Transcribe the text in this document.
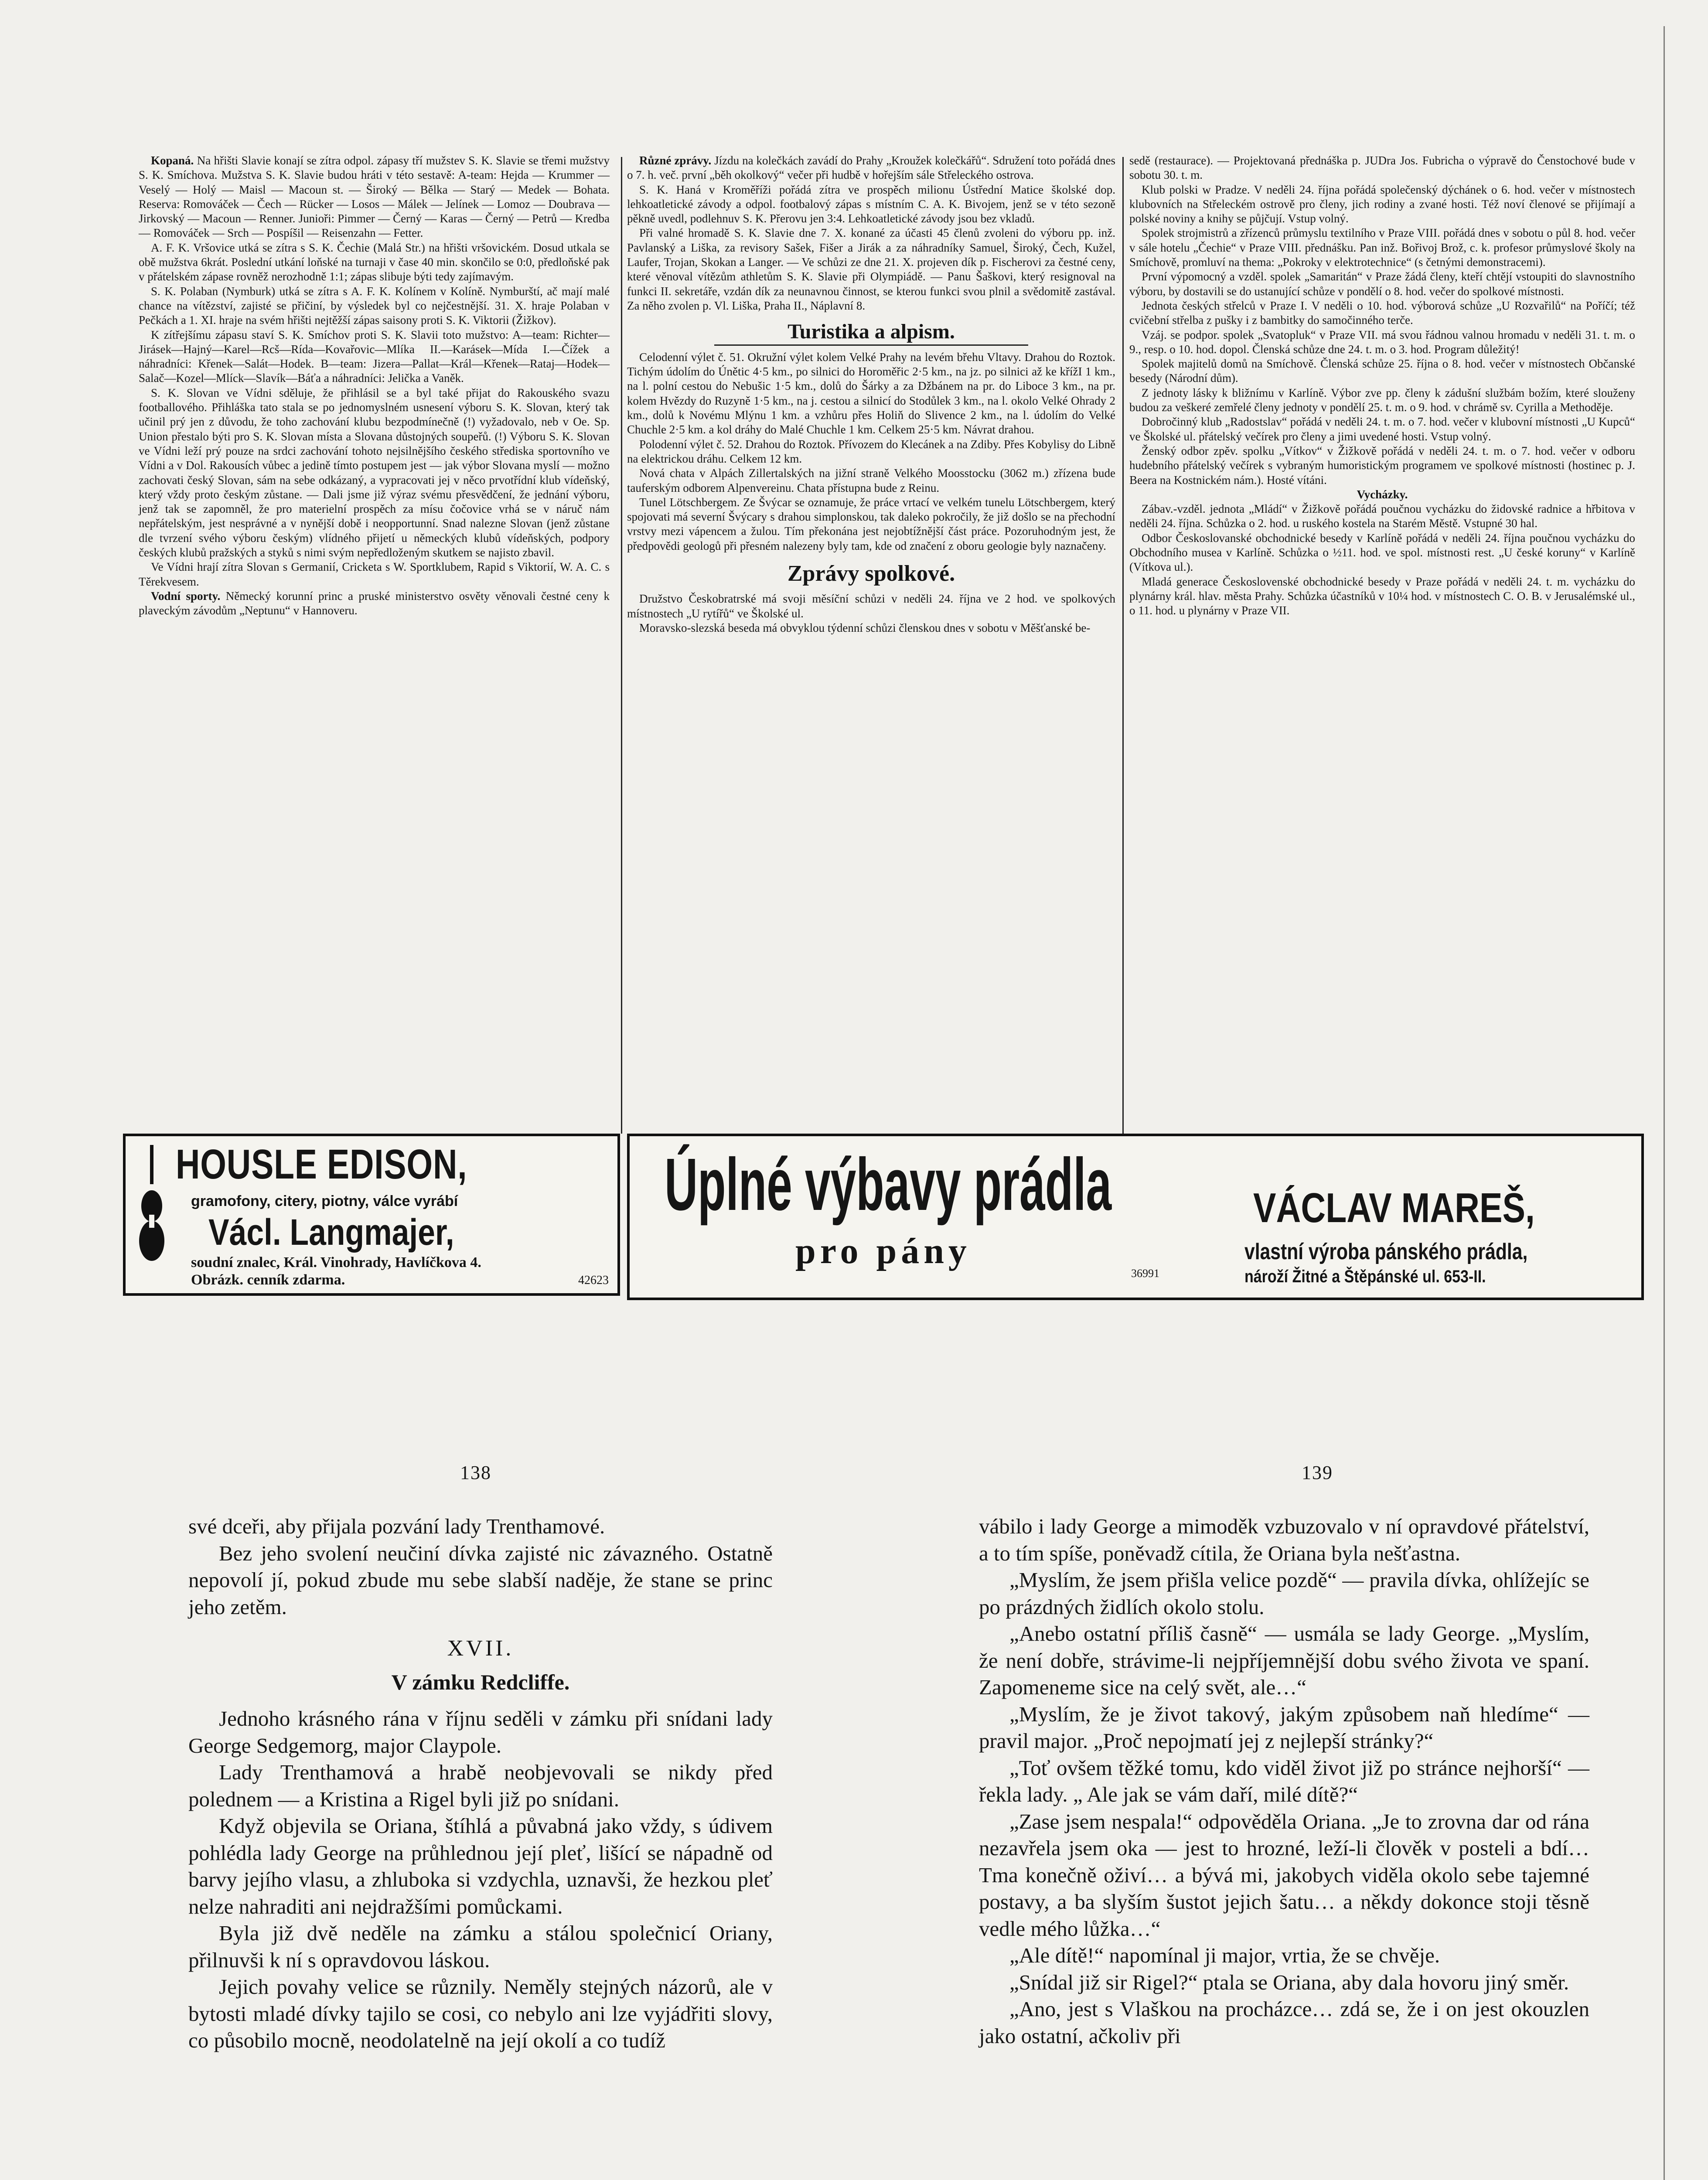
Kopaná. Na hřišti Slavie konají se zítra odpol. zápasy tří mužstev S. K. Slavie se třemi mužstvy S. K. Smíchova. Mužstva S. K. Slavie budou hráti v této sestavě: A-team: Hejda — Krummer — Veselý — Holý — Maisl — Macoun st. — Široký — Bělka — Starý — Medek — Bohata. Reserva: Romováček — Čech — Rücker — Losos — Málek — Jelínek — Lomoz — Doubrava — Jirkovský — Macoun — Renner. Junioři: Pimmer — Černý — Karas — Černý — Petrů — Kredba — Romováček — Srch — Pospíšil — Reisenzahn — Fetter.

A. F. K. Vršovice utká se zítra s S. K. Čechie (Malá Str.) na hřišti vršovickém. Dosud utkala se obě mužstva 6krát. Poslední utkání loňské na turnaji v čase 40 min. skončilo se 0:0, předloňské pak v přátelském zápase rovněž nerozhodně 1:1; zápas slibuje býti tedy zajímavým.

S. K. Polaban (Nymburk) utká se zítra s A. F. K. Kolínem v Kolíně. Nymburští, ač mají malé chance na vítězství, zajisté se přičiní, by výsledek byl co nejčestnější. 31. X. hraje Polaban v Pečkách a 1. XI. hraje na svém hřišti nejtěžší zápas saisony proti S. K. Viktorii (Žižkov).

K zítřejšímu zápasu staví S. K. Smíchov proti S. K. Slavii toto mužstvo: A—team: Richter—Jirásek—Hajný—Karel—Rcš—Rída—Kovařovic—Mlíka II.—Karásek—Mída I.—Čížek a náhradníci: Křenek—Salát—Hodek. B—team: Jizera—Pallat—Král—Křenek—Rataj—Hodek—Salač—Kozel—Mlíck—Slavík—Báťa a náhradníci: Jelička a Vaněk.

S. K. Slovan ve Vídni sděluje, že přihlásil se a byl také přijat do Rakouského svazu footballového. Přihláška tato stala se po jednomyslném usnesení výboru S. K. Slovan, který tak učinil prý jen z důvodu, že toho zachování klubu bezpodmínečně (!) vyžadovalo, neb v Oe. Sp. Union přestalo býti pro S. K. Slovan místa a Slovana důstojných soupeřů. (!) Výboru S. K. Slovan ve Vídni leží prý pouze na srdci zachování tohoto nejsilnějšího českého střediska sportovního ve Vídni a v Dol. Rakousích vůbec a jedině tímto postupem jest — jak výbor Slovana myslí — možno zachovati český Slovan, sám na sebe odkázaný, a vypracovati jej v něco prvotřídní klub vídeňský, který vždy proto českým zůstane. — Dali jsme již výraz svému přesvědčení, že jednání výboru, jenž tak se zapomněl, že pro materielní prospěch za mísu čočovice vrhá se v náruč nám nepřátelským, jest nesprávné a v nynější době i neopportunní. Snad nalezne Slovan (jenž zůstane dle tvrzení svého výboru českým) vlídného přijetí u německých klubů vídeňských, podpory českých klubů pražských a styků s nimi svým nepředloženým skutkem se najisto zbavil.

Ve Vídni hrají zítra Slovan s Germanií, Cricketa s W. Sportklubem, Rapid s Viktorií, W. A. C. s Těrekvesem.

Vodní sporty. Německý korunní princ a pruské ministerstvo osvěty věnovali čestné ceny k plaveckým závodům „Neptunu“ v Hannoveru.

Různé zprávy. Jízdu na kolečkách zavádí do Prahy „Kroužek kolečkářů“. Sdružení toto pořádá dnes o 7. h. več. první „běh okolkový“ večer při hudbě v hořejším sále Střeleckého ostrova.

S. K. Haná v Kroměříži pořádá zítra ve prospěch milionu Ústřední Matice školské dop. lehkoatletické závody a odpol. footbalový zápas s místním C. A. K. Bivojem, jenž se v této sezoně pěkně uvedl, podlehnuv S. K. Přerovu jen 3:4. Lehkoatletické závody jsou bez vkladů.

Při valné hromadě S. K. Slavie dne 7. X. konané za účasti 45 členů zvoleni do výboru pp. inž. Pavlanský a Liška, za revisory Sašek, Fišer a Jirák a za náhradníky Samuel, Široký, Čech, Kužel, Laufer, Trojan, Skokan a Langer. — Ve schůzi ze dne 21. X. projeven dík p. Fischerovi za čestné ceny, které věnoval vítězům athletům S. K. Slavie při Olympiádě. — Panu Šaškovi, který resignoval na funkci II. sekretáře, vzdán dík za neunavnou činnost, se kterou funkci svou plnil a svědomitě zastával. Za něho zvolen p. Vl. Liška, Praha II., Náplavní 8.

Turistika a alpism.

Celodenní výlet č. 51. Okružní výlet kolem Velké Prahy na levém břehu Vltavy. Drahou do Roztok. Tichým údolím do Únětic 4·5 km., po silnici do Horoměřic 2·5 km., na jz. po silnici až ke křížI 1 km., na l. polní cestou do Nebušic 1·5 km., dolů do Šárky a za Džbánem na pr. do Liboce 3 km., na pr. kolem Hvězdy do Ruzyně 1·5 km., na j. cestou a silnicí do Stodůlek 3 km., na l. okolo Velké Ohrady 2 km., dolů k Novému Mlýnu 1 km. a vzhůru přes Holiň do Slivence 2 km., na l. údolím do Velké Chuchle 2·5 km. a kol dráhy do Malé Chuchle 1 km. Celkem 25·5 km. Návrat drahou.

Polodenní výlet č. 52. Drahou do Roztok. Přívozem do Klecánek a na Zdiby. Přes Kobylisy do Libně na elektrickou dráhu. Celkem 12 km.

Nová chata v Alpách Zillertalských na jižní straně Velkého Moosstocku (3062 m.) zřízena bude tauferským odborem Alpenvereinu. Chata přístupna bude z Reinu.

Tunel Lötschbergem. Ze Švýcar se oznamuje, že práce vrtací ve velkém tunelu Lötschbergem, který spojovati má severní Švýcary s drahou simplonskou, tak daleko pokročily, že již došlo se na přechodní vrstvy mezi vápencem a žulou. Tím překonána jest nejobtížnější část práce. Pozoruhodným jest, že předpovědi geologů při přesném nalezeny byly tam, kde od značení z oboru geologie byly naznačeny.

Zprávy spolkové.

Družstvo Českobratrské má svoji měsíční schůzi v neděli 24. října ve 2 hod. ve spolkových místnostech „U rytířů“ ve Školské ul.

Moravsko-slezská beseda má obvyklou týdenní schůzi členskou dnes v sobotu v Měšťanské be-

sedě (restaurace). — Projektovaná přednáška p. JUDra Jos. Fubricha o výpravě do Čenstochové bude v sobotu 30. t. m.

Klub polski w Pradze. V neděli 24. října pořádá společenský dýchánek o 6. hod. večer v místnostech klubovních na Střeleckém ostrově pro členy, jich rodiny a zvané hosti. Též noví členové se přijímají a polské noviny a knihy se půjčují. Vstup volný.

Spolek strojmistrů a zřízenců průmyslu textilního v Praze VIII. pořádá dnes v sobotu o půl 8. hod. večer v sále hotelu „Čechie“ v Praze VIII. přednášku. Pan inž. Bořivoj Brož, c. k. profesor průmyslové školy na Smíchově, promluví na thema: „Pokroky v elektrotechnice“ (s četnými demonstracemi).

První výpomocný a vzděl. spolek „Samaritán“ v Praze žádá členy, kteří chtějí vstoupiti do slavnostního výboru, by dostavili se do ustanující schůze v pondělí o 8. hod. večer do spolkové místnosti.

Jednota českých střelců v Praze I. V neděli o 10. hod. výborová schůze „U Rozvařilů“ na Poříčí; též cvičební střelba z pušky i z bambitky do samočinného terče.

Vzáj. se podpor. spolek „Svatopluk“ v Praze VII. má svou řádnou valnou hromadu v neděli 31. t. m. o 9., resp. o 10. hod. dopol. Členská schůze dne 24. t. m. o 3. hod. Program důležitý!

Spolek majitelů domů na Smíchově. Členská schůze 25. října o 8. hod. večer v místnostech Občanské besedy (Národní dům).

Z jednoty lásky k bližnímu v Karlíně. Výbor zve pp. členy k zádušní službám božím, které slouženy budou za veškeré zemřelé členy jednoty v pondělí 25. t. m. o 9. hod. v chrámě sv. Cyrilla a Methoděje.

Dobročinný klub „Radostslav“ pořádá v neděli 24. t. m. o 7. hod. večer v klubovní místnosti „U Kupců“ ve Školské ul. přátelský večírek pro členy a jimi uvedené hosti. Vstup volný.

Ženský odbor zpěv. spolku „Vítkov“ v Žižkově pořádá v neděli 24. t. m. o 7. hod. večer v odboru hudebního přátelský večírek s vybraným humoristickým programem ve spolkové místnosti (hostinec p. J. Beera na Kostnickém nám.). Hosté vítáni.

Vycházky.

Zábav.-vzděl. jednota „Mládí“ v Žižkově pořádá poučnou vycházku do židovské radnice a hřbitova v neděli 24. října. Schůzka o 2. hod. u ruského kostela na Starém Městě. Vstupné 30 hal.

Odbor Českoslovanské obchodnické besedy v Karlíně pořádá v neděli 24. října poučnou vycházku do Obchodního musea v Karlíně. Schůzka o ½11. hod. ve spol. místnosti rest. „U české koruny“ v Karlíně (Vítkova ul.).

Mladá generace Československé obchodnické besedy v Praze pořádá v neděli 24. t. m. vycházku do plynárny král. hlav. města Prahy. Schůzka účastníků v 10¼ hod. v místnostech C. O. B. v Jerusalémské ul., o 11. hod. u plynárny v Praze VII.

HOUSLE EDISON,
gramofony, citery, piotny, válce vyrábí
Václ. Langmajer,
soudní znalec, Král. Vinohrady, Havlíčkova 4. Obrázk. cenník zdarma.	42623
Úplné výbavy prádla
pro pány
36991
VÁCLAV MAREŠ,
vlastní výroba pánského prádla,
nároží Žitné a Štěpánské ul. 653-II.
138	139

své dceři, aby přijala pozvání lady Trenthamové.

Bez jeho svolení neučiní dívka zajisté nic závazného. Ostatně nepovolí jí, pokud zbude mu sebe slabší naděje, že stane se princ jeho zetěm.

XVII.
V zámku Redcliffe.

Jednoho krásného rána v říjnu seděli v zámku při snídani lady George Sedgemorg, major Claypole.

Lady Trenthamová a hrabě neobjevovali se nikdy před polednem — a Kristina a Rigel byli již po snídani.

Když objevila se Oriana, štíhlá a půvabná jako vždy, s údivem pohlédla lady George na průhlednou její pleť, lišící se nápadně od barvy jejího vlasu, a zhluboka si vzdychla, uznavši, že hezkou pleť nelze nahraditi ani nejdražšími pomůckami.

Byla již dvě neděle na zámku a stálou společnicí Oriany, přilnuvši k ní s opravdovou láskou.

Jejich povahy velice se různily. Neměly stejných názorů, ale v bytosti mladé dívky tajilo se cosi, co nebylo ani lze vyjádřiti slovy, co působilo mocně, neodolatelně na její okolí a co tudíž

vábilo i lady George a mimoděk vzbuzovalo v ní opravdové přátelství, a to tím spíše, poněvadž cítila, že Oriana byla nešťastna.

„Myslím, že jsem přišla velice pozdě“ — pravila dívka, ohlížejíc se po prázdných židlích okolo stolu.

„Anebo ostatní příliš časně“ — usmála se lady George. „Myslím, že není dobře, strávime-li nejpříjemnější dobu svého života ve spaní. Zapomeneme sice na celý svět, ale…“

„Myslím, že je život takový, jakým způsobem naň hledíme“ — pravil major. „Proč nepojmatí jej z nejlepší stránky?“

„Toť ovšem těžké tomu, kdo viděl život již po stránce nejhorší“ — řekla lady. „ Ale jak se vám daří, milé dítě?“

„Zase jsem nespala!“ odpověděla Oriana. „Je to zrovna dar od rána nezavřela jsem oka — jest to hrozné, leží-li člověk v posteli a bdí… Tma konečně oživí… a bývá mi, jakobych viděla okolo sebe tajemné postavy, a ba slyším šustot jejich šatu… a někdy dokonce stoji těsně vedle mého lůžka…“

„Ale dítě!“ napomínal ji major, vrtia, že se chvěje.

„Snídal již sir Rigel?“ ptala se Oriana, aby dala hovoru jiný směr.

„Ano, jest s Vlaškou na procházce… zdá se, že i on jest okouzlen jako ostatní, ačkoliv při
